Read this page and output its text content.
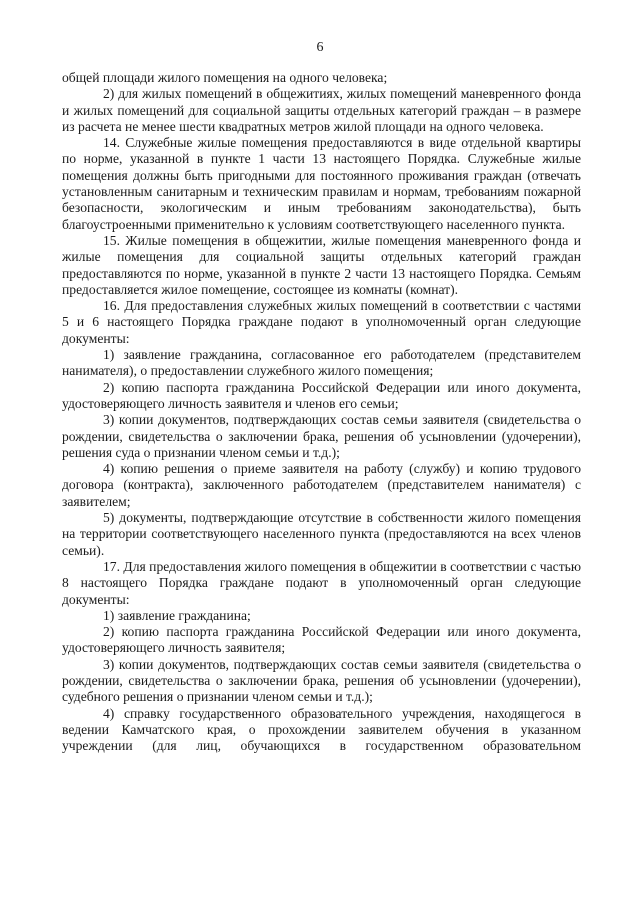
6

общей площади жилого помещения на одного человека;

2) для жилых помещений в общежитиях, жилых помещений маневренного фонда и жилых помещений для социальной защиты отдельных категорий граждан – в размере из расчета не менее шести квадратных метров жилой площади на одного человека.

14. Служебные жилые помещения предоставляются в виде отдельной квартиры по норме, указанной в пункте 1 части 13 настоящего Порядка. Служебные жилые помещения должны быть пригодными для постоянного проживания граждан (отвечать установленным санитарным и техническим правилам и нормам, требованиям пожарной безопасности, экологическим и иным требованиям законодательства), быть благоустроенными применительно к условиям соответствующего населенного пункта.

15. Жилые помещения в общежитии, жилые помещения маневренного фонда и жилые помещения для социальной защиты отдельных категорий граждан предоставляются по норме, указанной в пункте 2 части 13 настоящего Порядка. Семьям предоставляется жилое помещение, состоящее из комнаты (комнат).

16. Для предоставления служебных жилых помещений в соответствии с частями 5 и 6 настоящего Порядка граждане подают в уполномоченный орган следующие документы:

1) заявление гражданина, согласованное его работодателем (представителем нанимателя), о предоставлении служебного жилого помещения;

2) копию паспорта гражданина Российской Федерации или иного документа, удостоверяющего личность заявителя и членов его семьи;

3) копии документов, подтверждающих состав семьи заявителя (свидетельства о рождении, свидетельства о заключении брака, решения об усыновлении (удочерении), решения суда о признании членом семьи и т.д.);

4) копию решения о приеме заявителя на работу (службу) и копию трудового договора (контракта), заключенного работодателем (представителем нанимателя) с заявителем;

5) документы, подтверждающие отсутствие в собственности жилого помещения на территории соответствующего населенного пункта (предоставляются на всех членов семьи).

17. Для предоставления жилого помещения в общежитии в соответствии с частью 8 настоящего Порядка граждане подают в уполномоченный орган следующие документы:

1) заявление гражданина;

2) копию паспорта гражданина Российской Федерации или иного документа, удостоверяющего личность заявителя;

3) копии документов, подтверждающих состав семьи заявителя (свидетельства о рождении, свидетельства о заключении брака, решения об усыновлении (удочерении), судебного решения о признании членом семьи и т.д.);

4) справку государственного образовательного учреждения, находящегося в ведении Камчатского края, о прохождении заявителем обучения в указанном учреждении (для лиц, обучающихся в государственном образовательном
